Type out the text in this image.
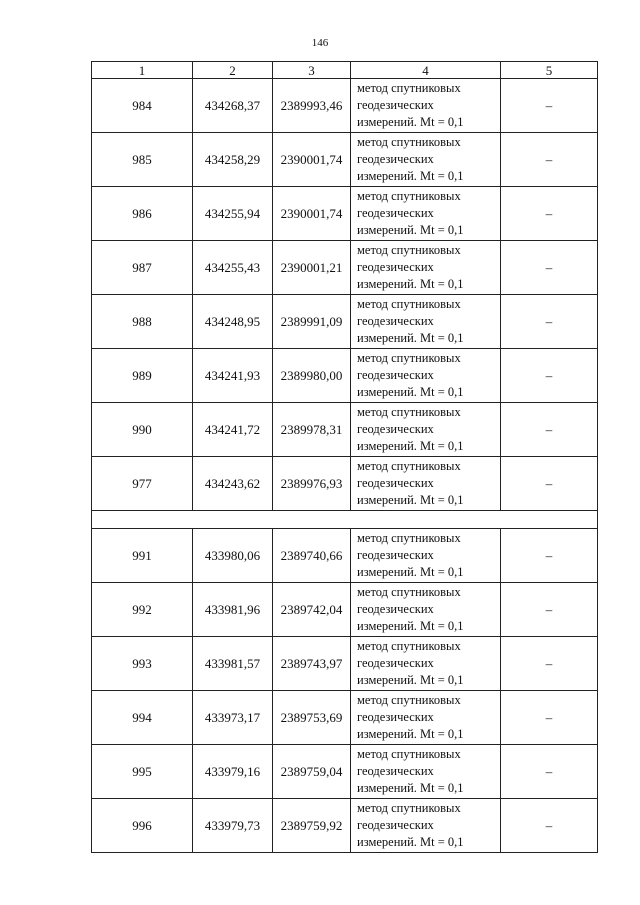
146
1	2	3	4	5
984	434268,37	2389993,46	метод спутниковых
геодезических
измерений. Mt = 0,1	–
985	434258,29	2390001,74	метод спутниковых
геодезических
измерений. Mt = 0,1	–
986	434255,94	2390001,74	метод спутниковых
геодезических
измерений. Mt = 0,1	–
987	434255,43	2390001,21	метод спутниковых
геодезических
измерений. Mt = 0,1	–
988	434248,95	2389991,09	метод спутниковых
геодезических
измерений. Mt = 0,1	–
989	434241,93	2389980,00	метод спутниковых
геодезических
измерений. Mt = 0,1	–
990	434241,72	2389978,31	метод спутниковых
геодезических
измерений. Mt = 0,1	–
977	434243,62	2389976,93	метод спутниковых
геодезических
измерений. Mt = 0,1	–

991	433980,06	2389740,66	метод спутниковых
геодезических
измерений. Mt = 0,1	–
992	433981,96	2389742,04	метод спутниковых
геодезических
измерений. Mt = 0,1	–
993	433981,57	2389743,97	метод спутниковых
геодезических
измерений. Mt = 0,1	–
994	433973,17	2389753,69	метод спутниковых
геодезических
измерений. Mt = 0,1	–
995	433979,16	2389759,04	метод спутниковых
геодезических
измерений. Mt = 0,1	–
996	433979,73	2389759,92	метод спутниковых
геодезических
измерений. Mt = 0,1	–
